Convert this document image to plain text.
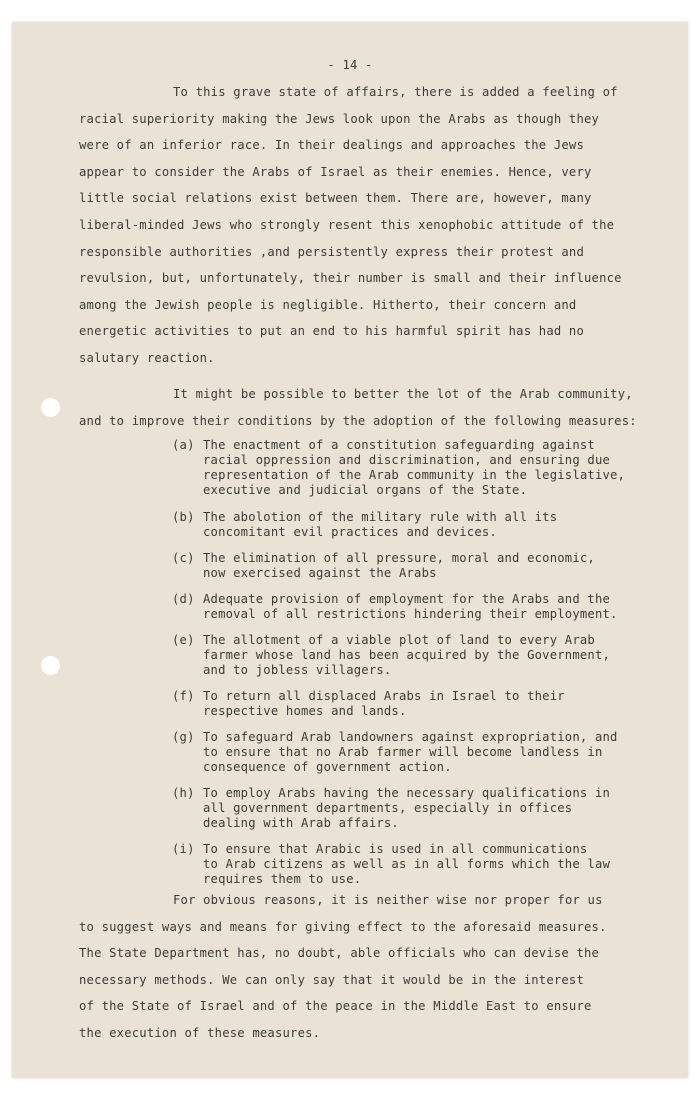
- 14 -
To this grave state of affairs, there is added a feeling of
racial superiority making the Jews look upon the Arabs as though they
were of an inferior race. In their dealings and approaches the Jews
appear to consider the Arabs of Israel as their enemies. Hence, very
little social relations exist between them. There are, however, many
liberal-minded Jews who strongly resent this xenophobic attitude of the
responsible authorities ,and persistently express their protest and
revulsion, but, unfortunately, their number is small and their influence
among the Jewish people is negligible. Hitherto, their concern and
energetic activities to put an end to his harmful spirit has had no
salutary reaction.
It might be possible to better the lot of the Arab community,
and to improve their conditions by the adoption of the following measures:
(a) The enactment of a constitution safeguarding against
racial oppression and discrimination, and ensuring due
representation of the Arab community in the legislative,
executive and judicial organs of the State.
(b) The abolotion of the military rule with all its
concomitant evil practices and devices.
(c) The elimination of all pressure, moral and economic,
now exercised against the Arabs
(d) Adequate provision of employment for the Arabs and the
removal of all restrictions hindering their employment.
(e) The allotment of a viable plot of land to every Arab
farmer whose land has been acquired by the Government,
and to jobless villagers.
(f) To return all displaced Arabs in Israel to their
respective homes and lands.
(g) To safeguard Arab landowners against expropriation, and
to ensure that no Arab farmer will become landless in
consequence of government action.
(h) To employ Arabs having the necessary qualifications in
all government departments, especially in offices
dealing with Arab affairs.
(i) To ensure that Arabic is used in all communications
to Arab citizens as well as in all forms which the law
requires them to use.
For obvious reasons, it is neither wise nor proper for us
to suggest ways and means for giving effect to the aforesaid measures.
The State Department has, no doubt, able officials who can devise the
necessary methods. We can only say that it would be in the interest
of the State of Israel and of the peace in the Middle East to ensure
the execution of these measures.
